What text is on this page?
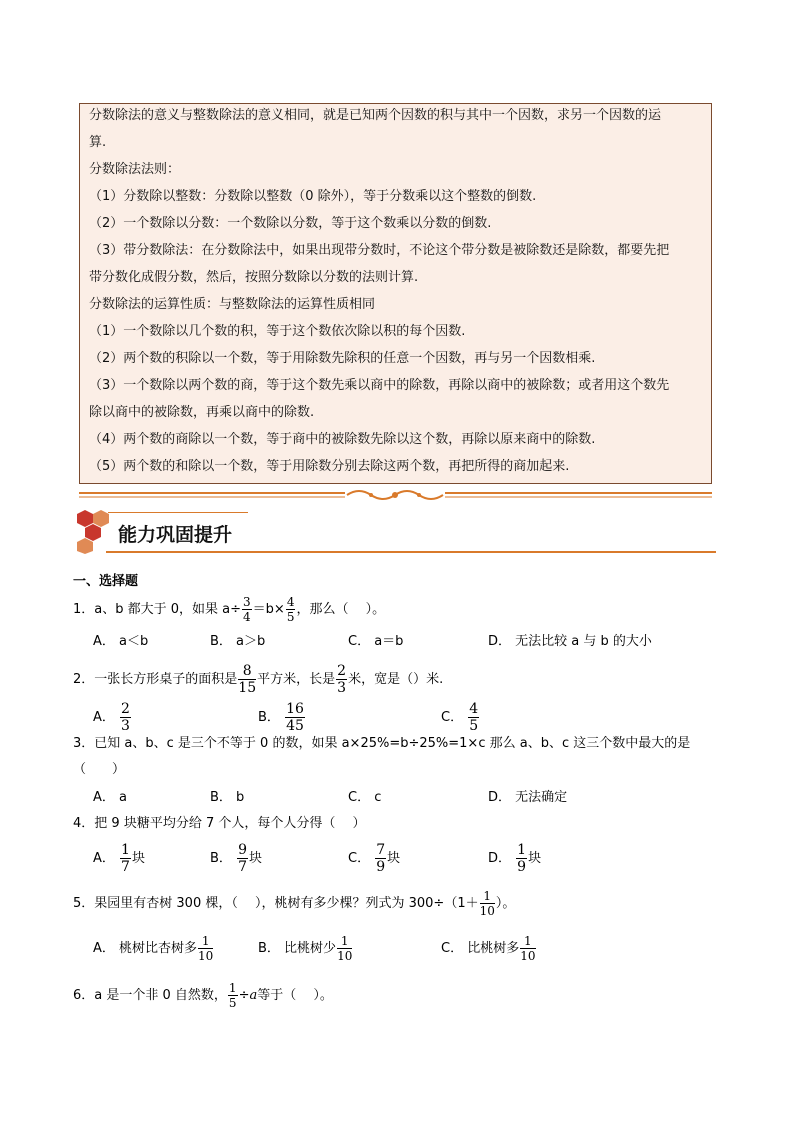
分数除法的意义与整数除法的意义相同，就是已知两个因数的积与其中一个因数，求另一个因数的运
算.
分数除法法则：
（1）分数除以整数：分数除以整数（0 除外），等于分数乘以这个整数的倒数.
（2）一个数除以分数：一个数除以分数，等于这个数乘以分数的倒数.
（3）带分数除法：在分数除法中，如果出现带分数时，不论这个带分数是被除数还是除数，都要先把
带分数化成假分数，然后，按照分数除以分数的法则计算.
分数除法的运算性质：与整数除法的运算性质相同
（1）一个数除以几个数的积，等于这个数依次除以积的每个因数.
（2）两个数的积除以一个数，等于用除数先除积的任意一个因数，再与另一个因数相乘.
（3）一个数除以两个数的商，等于这个数先乘以商中的除数，再除以商中的被除数；或者用这个数先
除以商中的被除数，再乘以商中的除数.
（4）两个数的商除以一个数，等于商中的被除数先除以这个数，再除以原来商中的除数.
（5）两个数的和除以一个数，等于用除数分别去除这两个数，再把所得的商加起来.
能力巩固提升
一、选择题
1．a、b 都大于 0，如果 $a\div \frac{3}{4} =b\times \frac{4}{5}$ ，那么（　 ）。
A． a＜b	B． a＞b	C． a＝b	D． 无法比较 a 与 b 的大小
2．一张长方形桌子的面积是 $\frac{8}{15}$ 平方米，长是 $\frac{2}{3}$ 米，宽是（）米.
A． $\frac{2}{3}$	B． $\frac{16}{45}$	C． $\frac{4}{5}$
3．已知 a、b、c 是三个不等于 0 的数，如果 a×25%=b÷25%=1×c 那么 a、b、c 这三个数中最大的是
（　　）
A． a	B． b	C． c	D． 无法确定
4．把 9 块糖平均分给 7 个人，每个人分得（　 ）
A． $\frac{1}{7}$ 块	B． $\frac{9}{7}$ 块	C． $\frac{7}{9}$ 块	D． $\frac{1}{9}$ 块
5．果园里有杏树 300 棵，（　 ），桃树有多少棵？列式为 $300\div(1+ \frac{1}{10}$ ）。
A． 桃树比杏树多 $\frac{1}{10}$	B． 比桃树少 $\frac{1}{10}$	C． 比桃树多 $\frac{1}{10}$
6．a 是一个非 0 自然数， $\frac{1}{5} \div a$等于（　 ）。
